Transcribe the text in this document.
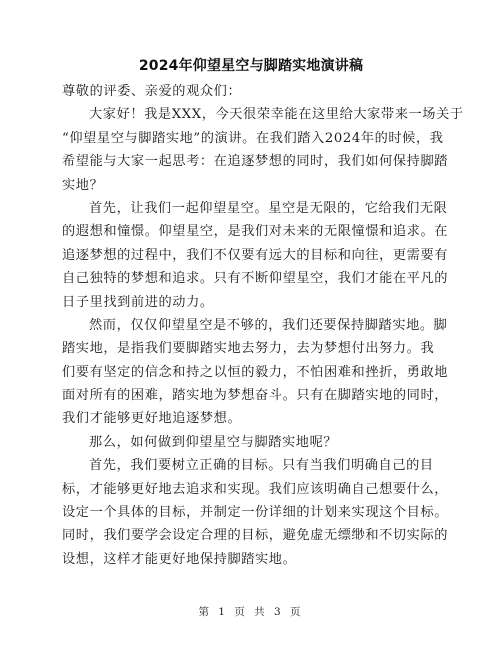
2024年仰望星空与脚踏实地演讲稿
尊敬的评委、亲爱的观众们：
大家好！我是XXX，今天很荣幸能在这里给大家带来一场关于
“仰望星空与脚踏实地”的演讲。在我们踏入2024年的时候，我
希望能与大家一起思考：在追逐梦想的同时，我们如何保持脚踏
实地？
首先，让我们一起仰望星空。星空是无限的，它给我们无限
的遐想和憧憬。仰望星空，是我们对未来的无限憧憬和追求。在
追逐梦想的过程中，我们不仅要有远大的目标和向往，更需要有
自己独特的梦想和追求。只有不断仰望星空，我们才能在平凡的
日子里找到前进的动力。
然而，仅仅仰望星空是不够的，我们还要保持脚踏实地。脚
踏实地，是指我们要脚踏实地去努力，去为梦想付出努力。我
们要有坚定的信念和持之以恒的毅力，不怕困难和挫折，勇敢地
面对所有的困难，踏实地为梦想奋斗。只有在脚踏实地的同时，
我们才能够更好地追逐梦想。
那么，如何做到仰望星空与脚踏实地呢？
首先，我们要树立正确的目标。只有当我们明确自己的目
标，才能够更好地去追求和实现。我们应该明确自己想要什么，
设定一个具体的目标，并制定一份详细的计划来实现这个目标。
同时，我们要学会设定合理的目标，避免虚无缥缈和不切实际的
设想，这样才能更好地保持脚踏实地。
第 1 页 共 3 页
